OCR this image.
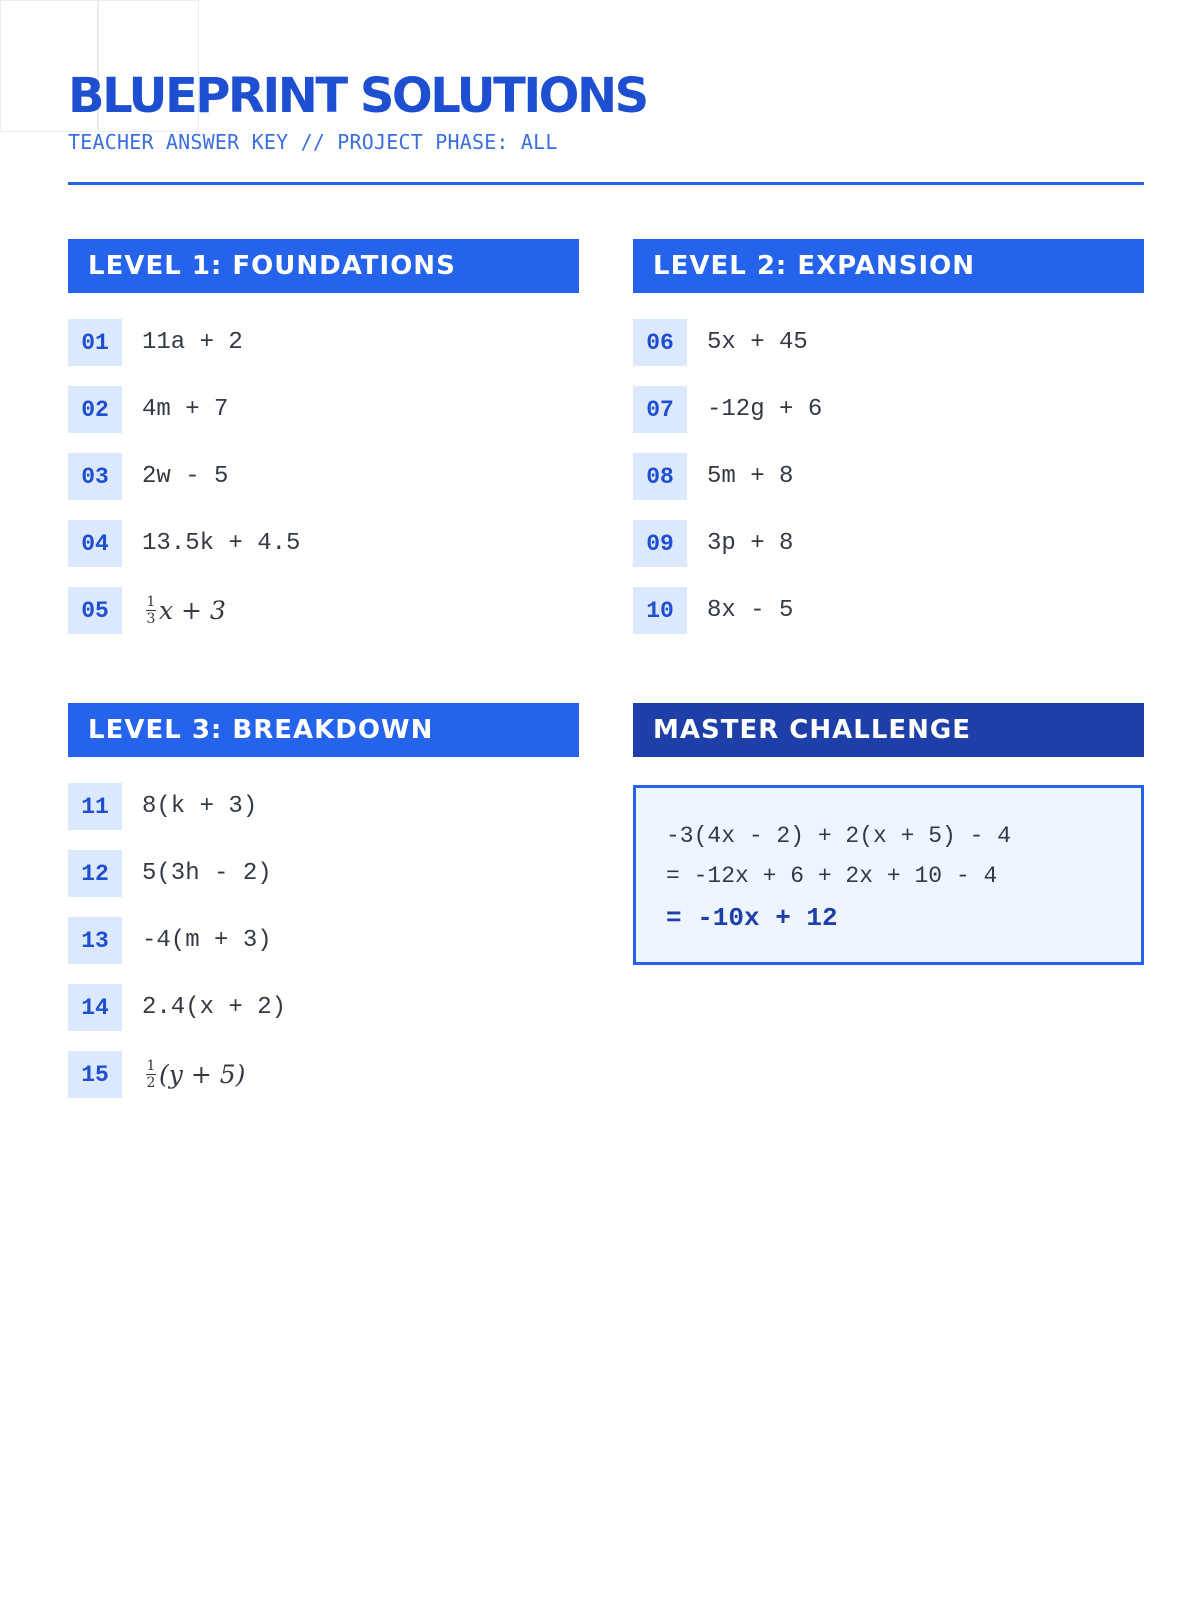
BLUEPRINT SOLUTIONS
TEACHER ANSWER KEY // PROJECT PHASE: ALL
LEVEL 1: FOUNDATIONS
01	11a + 2
02	4m + 7
03	2w - 5
04	13.5k + 4.5
05	$\frac{1}{3}$ x + 3
LEVEL 2: EXPANSION
06	5x + 45
07	-12g + 6
08	5m + 8
09	3p + 8
10	8x - 5
LEVEL 3: BREAKDOWN
11	8(k + 3)
12	5(3h - 2)
13	-4(m + 3)
14	2.4(x + 2)
15	$\frac{1}{2} (y + 5)$
MASTER CHALLENGE
-3(4x - 2) + 2(x + 5) - 4
= -12x + 6 + 2x + 10 - 4
= -10x + 12
